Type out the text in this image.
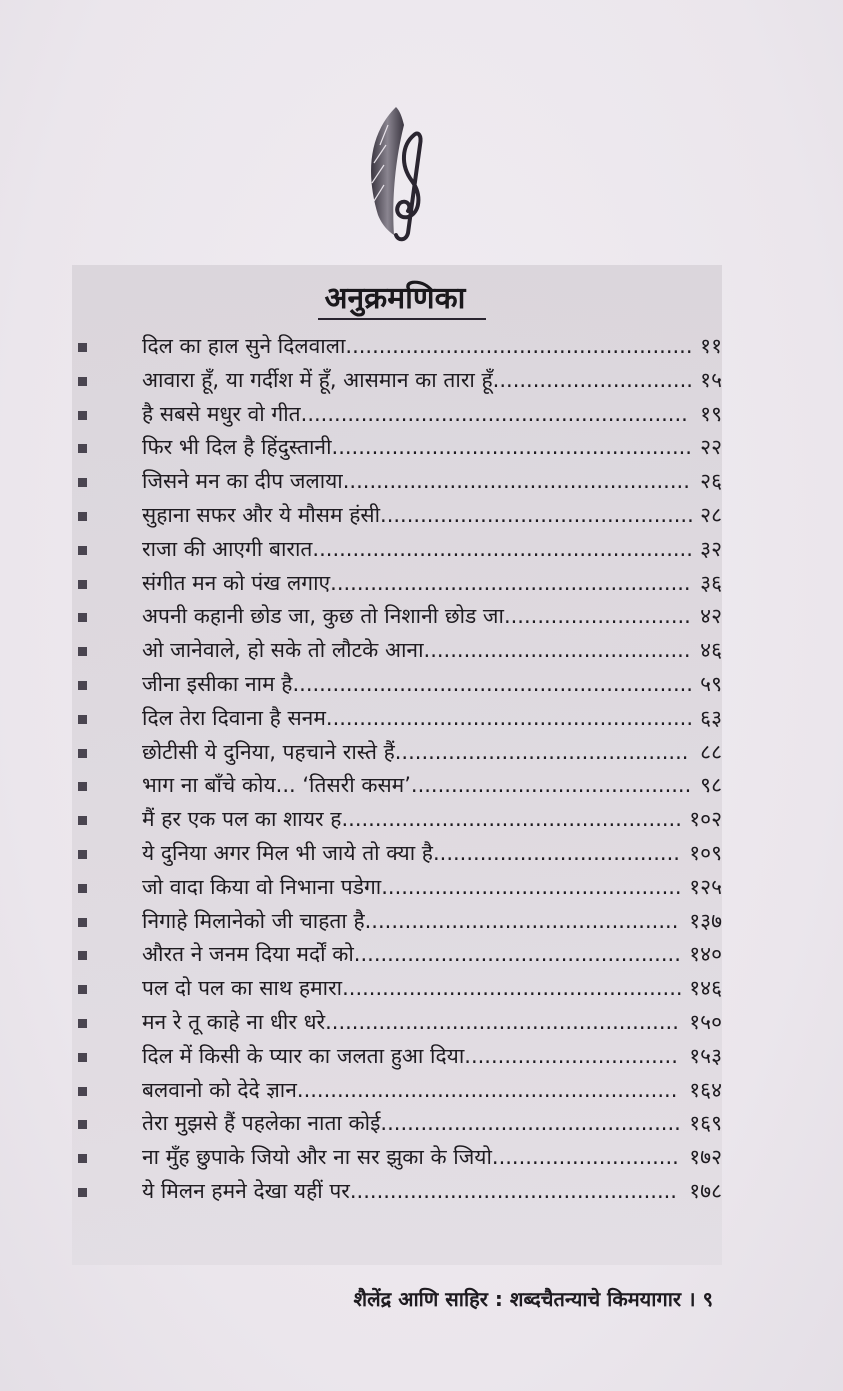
अनुक्रमणिका
दिल का हाल सुने दिलवाला.................................................... ११
आवारा हूँ, या गर्दीश में हूँ, आसमान का तारा हूँ.............................. १५
है सबसे मधुर वो गीत.......................................................... १९
फिर भी दिल है हिंदुस्तानी...................................................... २२
जिसने मन का दीप जलाया.................................................... २६
सुहाना सफर और ये मौसम हंसी............................................... २८
राजा की आएगी बारात......................................................... ३२
संगीत मन को पंख लगाए...................................................... ३६
अपनी कहानी छोड जा, कुछ तो निशानी छोड जा............................ ४२
ओ जानेवाले, हो सके तो लौटके आना........................................ ४६
जीना इसीका नाम है............................................................ ५९
दिल तेरा दिवाना है सनम....................................................... ६३
छोटीसी ये दुनिया, पहचाने रास्ते हैं............................................ ८८
भाग ना बाँचे कोय... ‘तिसरी कसम’.......................................... ९८
मैं हर एक पल का शायर ह................................................... १०२
ये दुनिया अगर मिल भी जाये तो क्या है..................................... १०९
जो वादा किया वो निभाना पडेगा............................................. १२५
निगाहे मिलानेको जी चाहता है............................................... १३७
औरत ने जनम दिया मर्दों को................................................. १४०
पल दो पल का साथ हमारा................................................... १४६
मन रे तू काहे ना धीर धरे..................................................... १५०
दिल में किसी के प्यार का जलता हुआ दिया................................ १५३
बलवानो को देदे ज्ञान......................................................... १६४
तेरा मुझसे हैं पहलेका नाता कोई............................................. १६९
ना मुँह छुपाके जियो और ना सर झुका के जियो............................ १७२
ये मिलन हमने देखा यहीं पर................................................. १७८
शैलेंद्र आणि साहिर : शब्दचैतन्याचे किमयागार । ९
